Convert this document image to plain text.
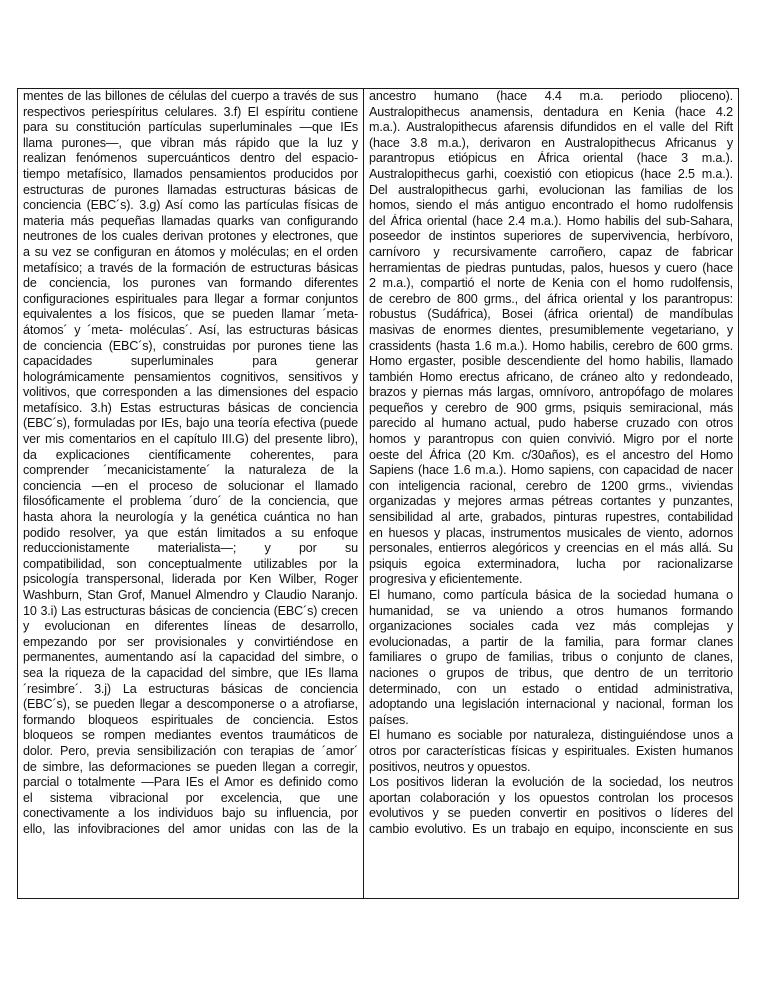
mentes de las billones de células del cuerpo a través de sus
respectivos periespíritus celulares. 3.f) El espíritu contiene
para su constitución partículas superluminales —que IEs
llama purones—, que vibran más rápido que la luz y
realizan fenómenos supercuánticos dentro del espacio-
tiempo metafísico, llamados pensamientos producidos por
estructuras de purones llamadas estructuras básicas de
conciencia (EBC´s). 3.g) Así como las partículas físicas de
materia más pequeñas llamadas quarks van configurando
neutrones de los cuales derivan protones y electrones, que
a su vez se configuran en átomos y moléculas; en el orden
metafísico; a través de la formación de estructuras básicas
de conciencia, los purones van formando diferentes
configuraciones espirituales para llegar a formar conjuntos
equivalentes a los físicos, que se pueden llamar ´meta-
átomos´ y ´meta- moléculas´. Así, las estructuras básicas
de conciencia (EBC´s), construidas por purones tiene las
capacidades superluminales para generar
holográmicamente pensamientos cognitivos, sensitivos y
volitivos, que corresponden a las dimensiones del espacio
metafísico. 3.h) Estas estructuras básicas de conciencia
(EBC´s), formuladas por IEs, bajo una teoría efectiva (puede
ver mis comentarios en el capítulo III.G) del presente libro),
da explicaciones científicamente coherentes, para
comprender ´mecanicistamente´ la naturaleza de la
conciencia —en el proceso de solucionar el llamado
filosóficamente el problema ´duro´ de la conciencia, que
hasta ahora la neurología y la genética cuántica no han
podido resolver, ya que están limitados a su enfoque
reduccionistamente materialista—; y por su
compatibilidad, son conceptualmente utilizables por la
psicología transpersonal, liderada por Ken Wilber, Roger
Washburn, Stan Grof, Manuel Almendro y Claudio Naranjo.
10 3.i) Las estructuras básicas de conciencia (EBC´s) crecen
y evolucionan en diferentes líneas de desarrollo,
empezando por ser provisionales y convirtiéndose en
permanentes, aumentando así la capacidad del simbre, o
sea la riqueza de la capacidad del simbre, que IEs llama
´resimbre´. 3.j) La estructuras básicas de conciencia
(EBC´s), se pueden llegar a descomponerse o a atrofiarse,
formando bloqueos espirituales de conciencia. Estos
bloqueos se rompen mediantes eventos traumáticos de
dolor. Pero, previa sensibilización con terapias de ´amor´
de simbre, las deformaciones se pueden llegan a corregir,
parcial o totalmente —Para IEs el Amor es definido como
el sistema vibracional por excelencia, que une
conectivamente a los individuos bajo su influencia, por
ello, las infovibraciones del amor unidas con las de la
ancestro humano (hace 4.4 m.a. periodo plioceno).
Australopithecus anamensis, dentadura en Kenia (hace 4.2
m.a.). Australopithecus afarensis difundidos en el valle del Rift
(hace 3.8 m.a.), derivaron en Australopithecus Africanus y
parantropus etiópicus en África oriental (hace 3 m.a.).
Australopithecus garhi, coexistió con etiopicus (hace 2.5 m.a.).
Del australopithecus garhi, evolucionan las familias de los
homos, siendo el más antiguo encontrado el homo rudolfensis
del África oriental (hace 2.4 m.a.). Homo habilis del sub-Sahara,
poseedor de instintos superiores de supervivencia, herbívoro,
carnívoro y recursivamente carroñero, capaz de fabricar
herramientas de piedras puntudas, palos, huesos y cuero (hace
2 m.a.), compartió el norte de Kenia con el homo rudolfensis,
de cerebro de 800 grms., del áfrica oriental y los parantropus:
robustus (Sudáfrica), Bosei (áfrica oriental) de mandíbulas
masivas de enormes dientes, presumiblemente vegetariano, y
crassidents (hasta 1.6 m.a.). Homo habilis, cerebro de 600 grms.
Homo ergaster, posible descendiente del homo habilis, llamado
también Homo erectus africano, de cráneo alto y redondeado,
brazos y piernas más largas, omnívoro, antropófago de molares
pequeños y cerebro de 900 grms, psiquis semiracional, más
parecido al humano actual, pudo haberse cruzado con otros
homos y parantropus con quien convivió. Migro por el norte
oeste del África (20 Km. c/30años), es el ancestro del Homo
Sapiens (hace 1.6 m.a.). Homo sapiens, con capacidad de nacer
con inteligencia racional, cerebro de 1200 grms., viviendas
organizadas y mejores armas pétreas cortantes y punzantes,
sensibilidad al arte, grabados, pinturas rupestres, contabilidad
en huesos y placas, instrumentos musicales de viento, adornos
personales, entierros alegóricos y creencias en el más allá. Su
psiquis egoica exterminadora, lucha por racionalizarse
progresiva y eficientemente.
El humano, como partícula básica de la sociedad humana o
humanidad, se va uniendo a otros humanos formando
organizaciones sociales cada vez más complejas y
evolucionadas, a partir de la familia, para formar clanes
familiares o grupo de familias, tribus o conjunto de clanes,
naciones o grupos de tribus, que dentro de un territorio
determinado, con un estado o entidad administrativa,
adoptando una legislación internacional y nacional, forman los
países.
El humano es sociable por naturaleza, distinguiéndose unos a
otros por características físicas y espirituales. Existen humanos
positivos, neutros y opuestos.
Los positivos lideran la evolución de la sociedad, los neutros
aportan colaboración y los opuestos controlan los procesos
evolutivos y se pueden convertir en positivos o líderes del
cambio evolutivo. Es un trabajo en equipo, inconsciente en sus
